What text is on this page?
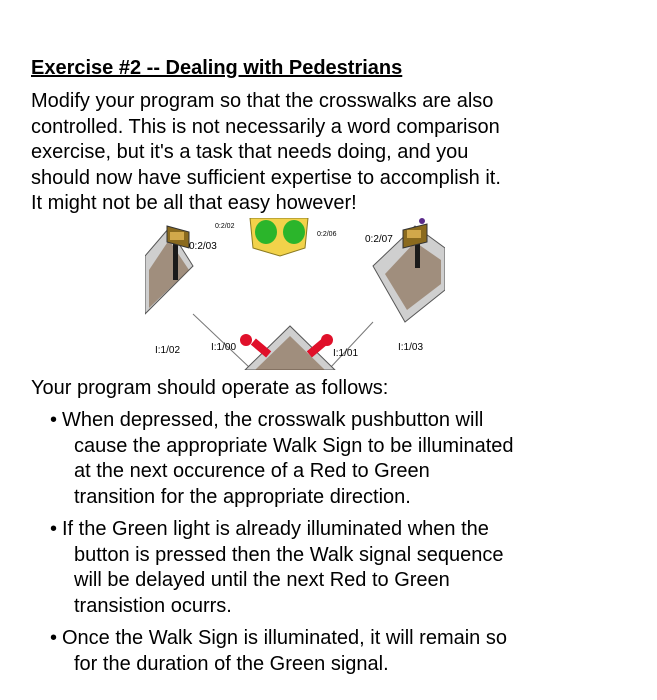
Exercise #2 -- Dealing with Pedestrians
Modify your program so that the crosswalks are also
controlled. This is not necessarily a word comparison
exercise, but it's a task that needs doing, and you
should now have sufficient expertise to accomplish it.
It might not be all that easy however!
0:2/02
0:2/03
0:2/06	0:2/07
I:1/02	I:1/00
I:1/01
I:1/03
Your program should operate as follows:
• When depressed, the crosswalk pushbutton will
cause the appropriate Walk Sign to be illuminated
at the next occurence of a Red to Green
transition for the appropriate direction.
• If the Green light is already illuminated when the
button is pressed then the Walk signal sequence
will be delayed until the next Red to Green
transistion ocurrs.
• Once the Walk Sign is illuminated, it will remain so
for the duration of the Green signal.
